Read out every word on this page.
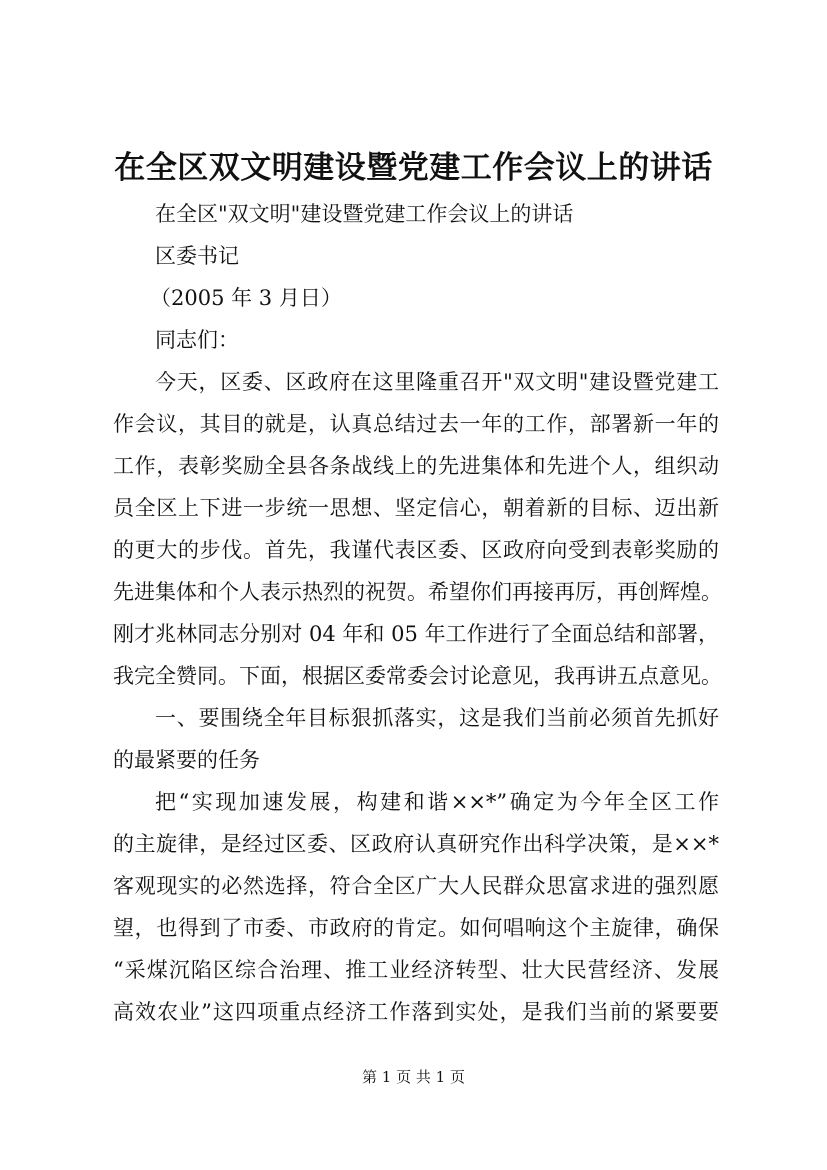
在全区双文明建设暨党建工作会议上的讲话
在全区"双文明"建设暨党建工作会议上的讲话
区委书记
（2005 年 3 月日）
同志们：
今天，区委、区政府在这里隆重召开"双文明"建设暨党建工
作会议，其目的就是，认真总结过去一年的工作，部署新一年的
工作，表彰奖励全县各条战线上的先进集体和先进个人，组织动
员全区上下进一步统一思想、坚定信心，朝着新的目标、迈出新
的更大的步伐。首先，我谨代表区委、区政府向受到表彰奖励的
先进集体和个人表示热烈的祝贺。希望你们再接再厉，再创辉煌。
刚才兆林同志分别对 04 年和 05 年工作进行了全面总结和部署，
我完全赞同。下面，根据区委常委会讨论意见，我再讲五点意见。
一、要围绕全年目标狠抓落实，这是我们当前必须首先抓好
的最紧要的任务
把“实现加速发展，构建和谐××*”确定为今年全区工作
的主旋律，是经过区委、区政府认真研究作出科学决策，是××*
客观现实的必然选择，符合全区广大人民群众思富求进的强烈愿
望，也得到了市委、市政府的肯定。如何唱响这个主旋律，确保
“采煤沉陷区综合治理、推工业经济转型、壮大民营经济、发展
高效农业”这四项重点经济工作落到实处，是我们当前的紧要要
第 1 页 共 1 页
